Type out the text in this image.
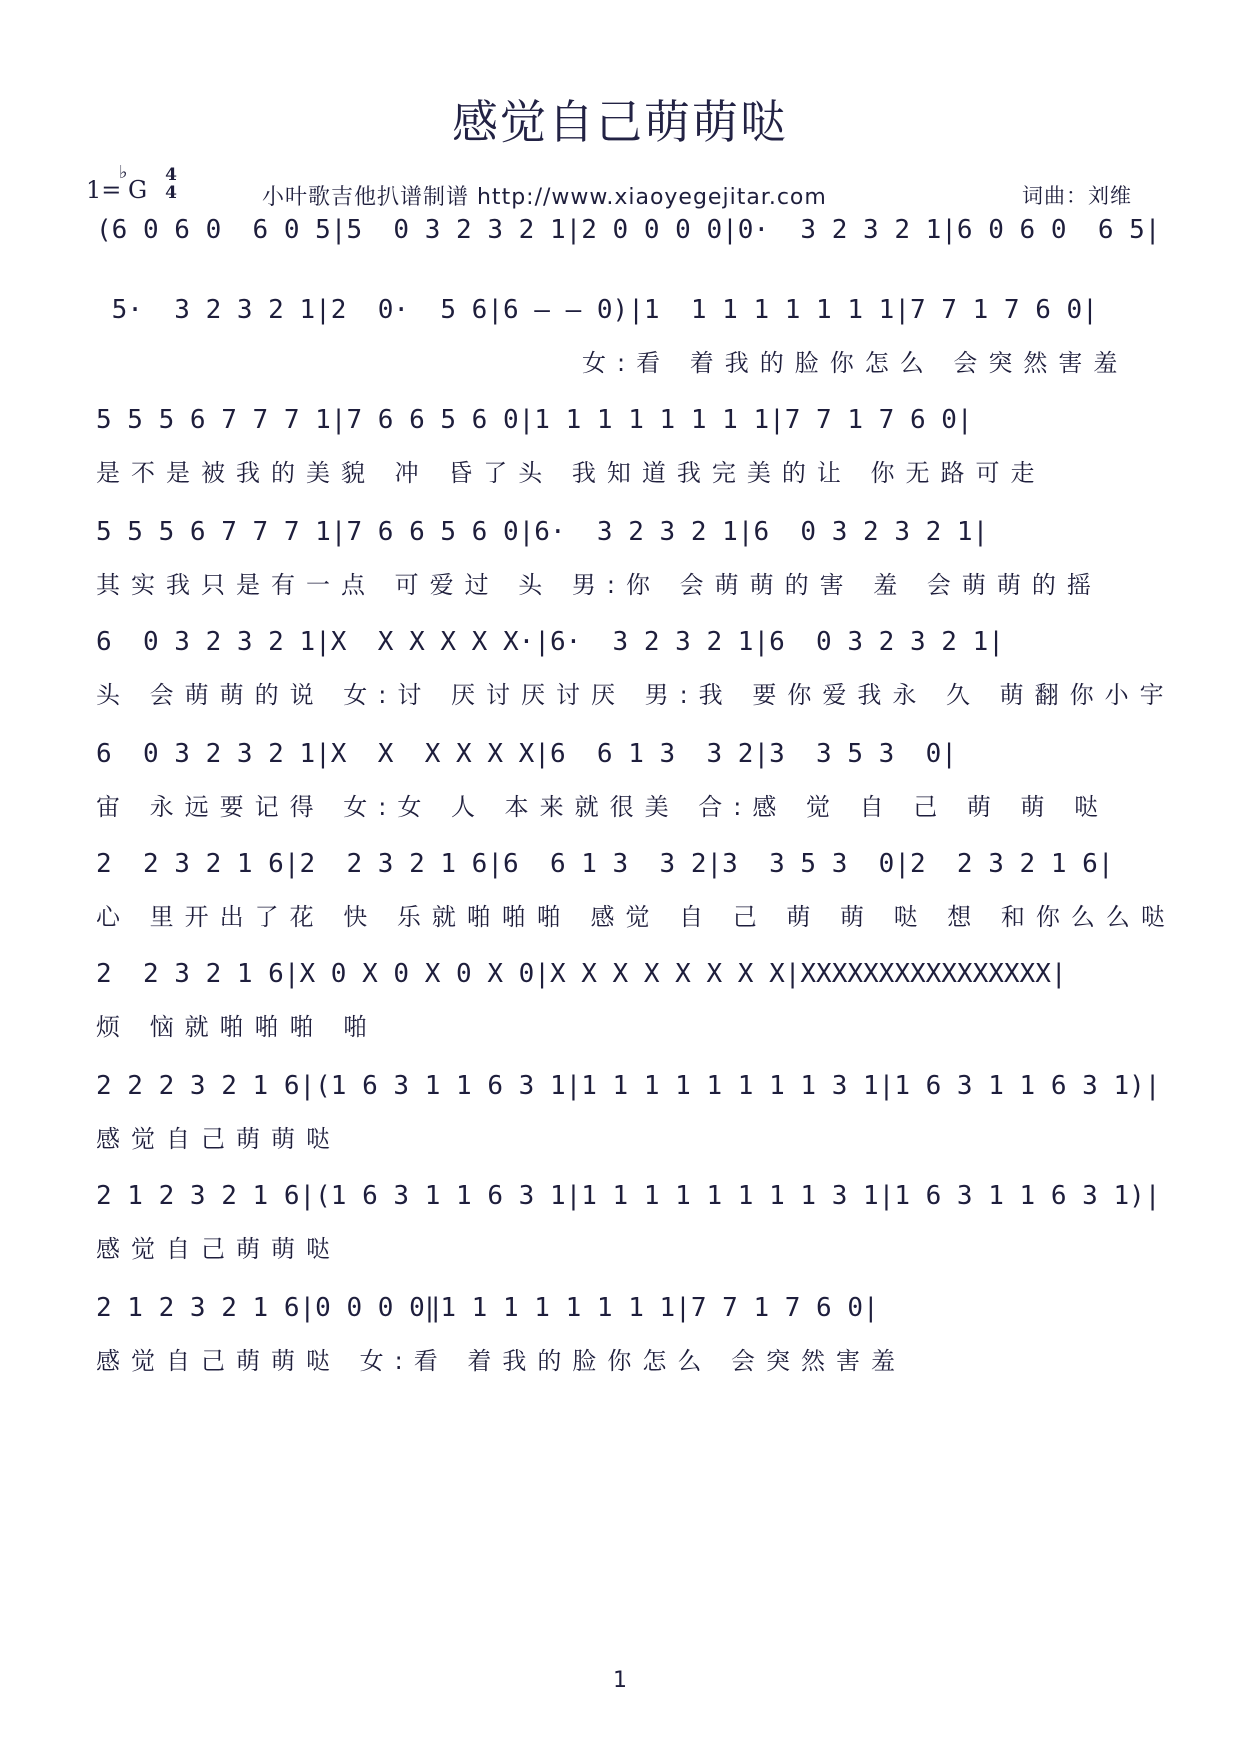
感觉自己萌萌哒
1=
♭
G
4
4	小叶歌吉他扒谱制谱 http://www.xiaoyegejitar.com	词曲：刘维
(6 0 6 0  6 0 5|5  0 3 2 3 2 1|2 0 0 0 0|0·  3 2 3 2 1|6 0 6 0  6 5|
5·  3 2 3 2 1|2  0·  5 6|6 — — 0)|1  1 1 1 1 1 1 1|7 7 1 7 6 0|
女:看 着我的脸你怎么 会突然害羞
5 5 5 6 7 7 7 1|7 6 6 5 6 0|1 1 1 1 1 1 1 1|7 7 1 7 6 0|
是不是被我的美貌 冲 昏了头 我知道我完美的让 你无路可走
5 5 5 6 7 7 7 1|7 6 6 5 6 0|6·  3 2 3 2 1|6  0 3 2 3 2 1|
其实我只是有一点 可爱过 头 男:你 会萌萌的害 羞 会萌萌的摇
6  0 3 2 3 2 1|X  X X X X X·|6·  3 2 3 2 1|6  0 3 2 3 2 1|
头 会萌萌的说 女:讨 厌讨厌讨厌 男:我 要你爱我永 久 萌翻你小宇
6  0 3 2 3 2 1|X  X  X X X X|6  6 1 3  3 2|3  3 5 3  0|
宙 永远要记得 女:女 人 本来就很美 合:感 觉 自 己 萌 萌 哒
2  2 3 2 1 6|2  2 3 2 1 6|6  6 1 3  3 2|3  3 5 3  0|2  2 3 2 1 6|
心 里开出了花 快 乐就啪啪啪 感觉 自 己 萌 萌 哒 想 和你么么哒
2  2 3 2 1 6|X 0 X 0 X 0 X 0|X X X X X X X X|XXXXXXXXXXXXXXXX|
烦 恼就啪啪啪 啪
2 2 2 3 2 1 6|(1 6 3 1 1 6 3 1|1 1 1 1 1 1 1 1 3 1|1 6 3 1 1 6 3 1)|
感觉自己萌萌哒
2 1 2 3 2 1 6|(1 6 3 1 1 6 3 1|1 1 1 1 1 1 1 1 3 1|1 6 3 1 1 6 3 1)|
感觉自己萌萌哒
2 1 2 3 2 1 6|0 0 0 0‖1 1 1 1 1 1 1 1|7 7 1 7 6 0|
感觉自己萌萌哒 女:看 着我的脸你怎么 会突然害羞
1
